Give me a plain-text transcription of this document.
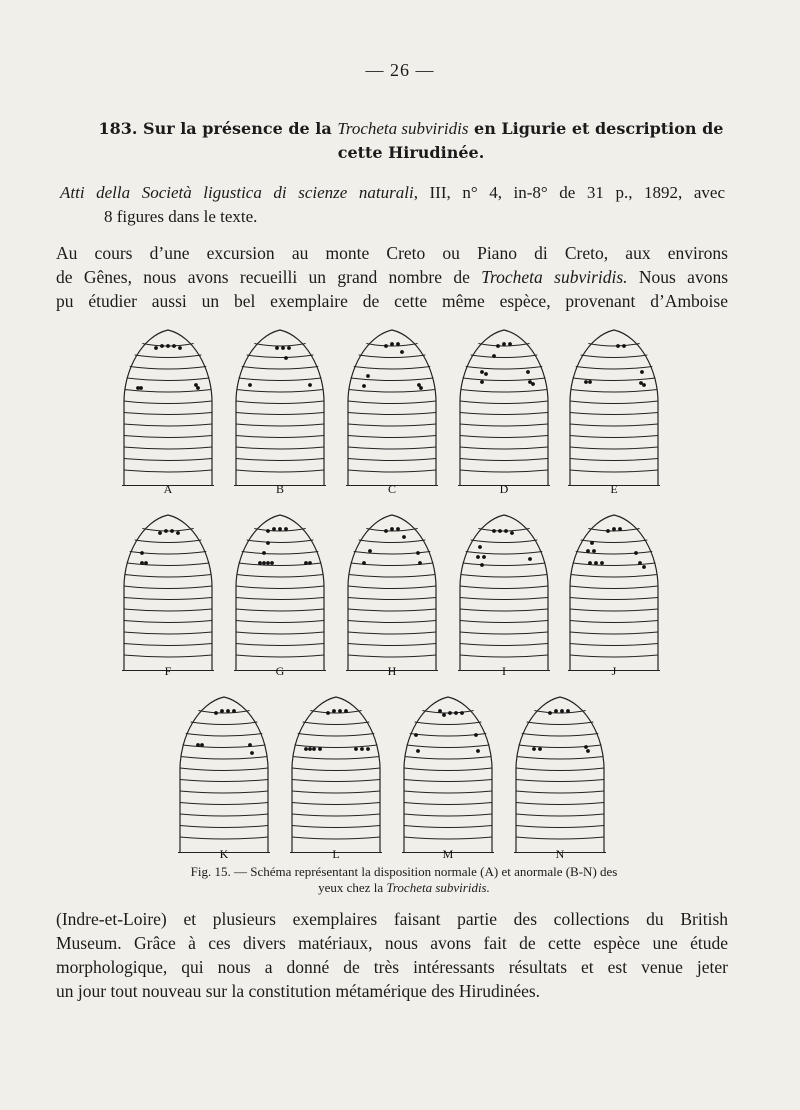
— 26 —
183. Sur la présence de la Trocheta subviridis en Ligurie et description de cette Hirudinée.
Atti della Società ligustica di scienze naturali, III, n° 4, in-8° de 31 p., 1892, avec
8 figures dans le texte.
Au cours d’une excursion au monte Creto ou Piano di Creto, aux environs
de Gênes, nous avons recueilli un grand nombre de Trocheta subviridis. Nous avons
pu étudier aussi un bel exemplaire de cette même espèce, provenant d’Amboise
A	B	C	D	E
F	G	H	I	J
K	L	M	N
Fig. 15. — Schéma représentant la disposition normale (A) et anormale (B-N) des
yeux chez la Trocheta subviridis.
(Indre-et-Loire) et plusieurs exemplaires faisant partie des collections du British
Museum. Grâce à ces divers matériaux, nous avons fait de cette espèce une étude
morphologique, qui nous a donné de très intéressants résultats et est venue jeter
un jour tout nouveau sur la constitution métamérique des Hirudinées.
